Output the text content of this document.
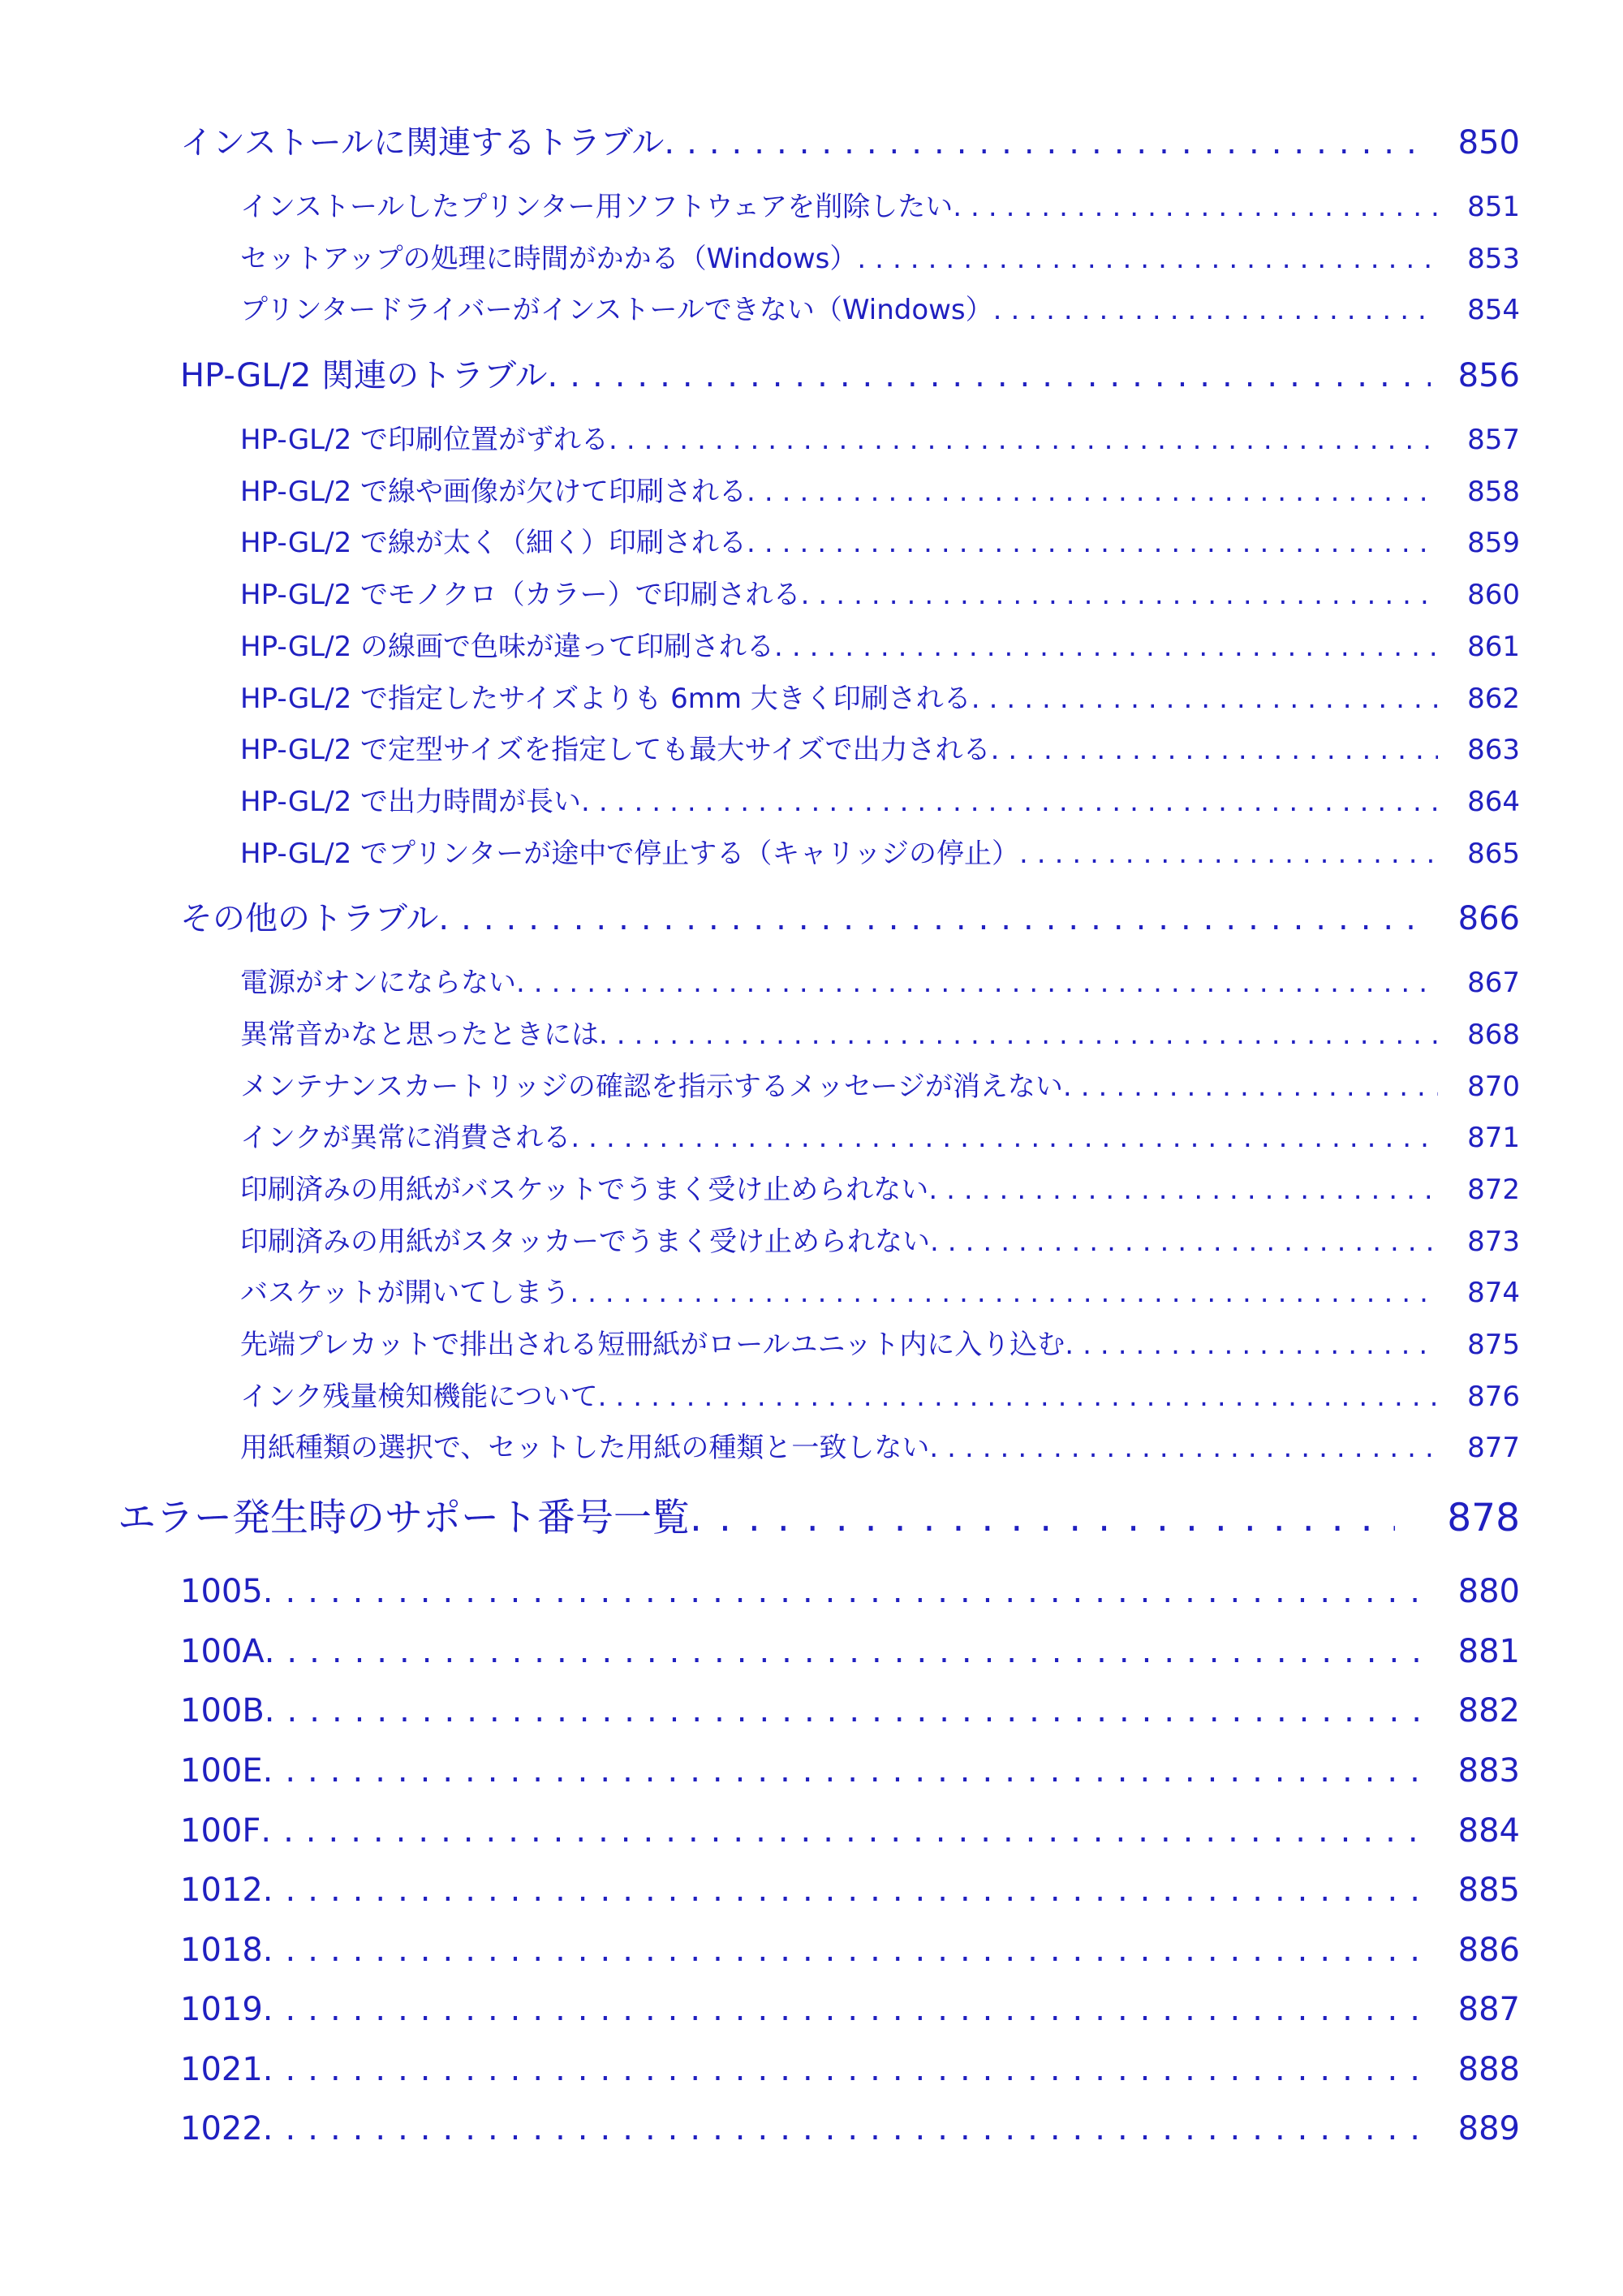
インストールに関連するトラブル .....	850
インストールしたプリンター用ソフトウェアを削除したい .....	851
セットアップの処理に時間がかかる（Windows） .....	853
プリンタードライバーがインストールできない（Windows） .....	854
HP-GL/2 関連のトラブル .....	856
HP-GL/2 で印刷位置がずれる .....	857
HP-GL/2 で線や画像が欠けて印刷される .....	858
HP-GL/2 で線が太く（細く）印刷される .....	859
HP-GL/2 でモノクロ（カラー）で印刷される .....	860
HP-GL/2 の線画で色味が違って印刷される .....	861
HP-GL/2 で指定したサイズよりも 6mm 大きく印刷される .....	862
HP-GL/2 で定型サイズを指定しても最大サイズで出力される .....	863
HP-GL/2 で出力時間が長い .....	864
HP-GL/2 でプリンターが途中で停止する（キャリッジの停止） .....	865
その他のトラブル .....	866
電源がオンにならない .....	867
異常音かなと思ったときには .....	868
メンテナンスカートリッジの確認を指示するメッセージが消えない .....	870
インクが異常に消費される .....	871
印刷済みの用紙がバスケットでうまく受け止められない .....	872
印刷済みの用紙がスタッカーでうまく受け止められない .....	873
バスケットが開いてしまう .....	874
先端プレカットで排出される短冊紙がロールユニット内に入り込む .....	875
インク残量検知機能について .....	876
用紙種類の選択で、セットした用紙の種類と一致しない .....	877
エラー発生時のサポート番号一覧 .....	878
1005 .....	880
100A .....	881
100B .....	882
100E .....	883
100F .....	884
1012 .....	885
1018 .....	886
1019 .....	887
1021 .....	888
1022 .....	889
